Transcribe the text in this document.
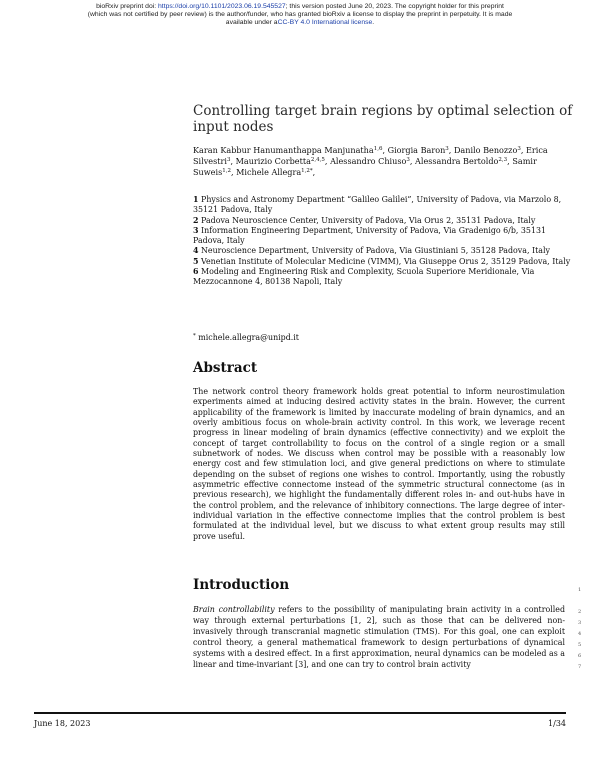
bioRxiv preprint doi: https://doi.org/10.1101/2023.06.19.545527; this version posted June 20, 2023. The copyright holder for this preprint
(which was not certified by peer review) is the author/funder, who has granted bioRxiv a license to display the preprint in perpetuity. It is made
available under aCC-BY 4.0 International license.
Controlling target brain regions by optimal selection of input nodes
Karan Kabbur Hanumanthappa Manjunatha$^{1,6}$, Giorgia Baron$^3$, Danilo Benozzo$^3$, Erica Silvestri$^3$, Maurizio Corbetta$^{2,4,5}$, Alessandro Chiuso$^3$, Alessandra Bertoldo$^{2,3}$, Samir Suweis$^{1,2}$, Michele Allegra$^{1,2*}$,
1 Physics and Astronomy Department “Galileo Galilei”, University of Padova, via Marzolo 8, 35121 Padova, Italy
2 Padova Neuroscience Center, University of Padova, Via Orus 2, 35131 Padova, Italy
3 Information Engineering Department, University of Padova, Via Gradenigo 6/b, 35131 Padova, Italy
4 Neuroscience Department, University of Padova, Via Giustiniani 5, 35128 Padova, Italy
5 Venetian Institute of Molecular Medicine (VIMM), Via Giuseppe Orus 2, 35129 Padova, Italy
6 Modeling and Engineering Risk and Complexity, Scuola Superiore Meridionale, Via Mezzocannone 4, 80138 Napoli, Italy
* michele.allegra@unipd.it
Abstract
The network control theory framework holds great potential to inform neurostimulation experiments aimed at inducing desired activity states in the brain. However, the current applicability of the framework is limited by inaccurate modeling of brain dynamics, and an overly ambitious focus on whole-brain activity control. In this work, we leverage recent progress in linear modeling of brain dynamics (effective connectivity) and we exploit the concept of target controllability to focus on the control of a single region or a small subnetwork of nodes. We discuss when control may be possible with a reasonably low energy cost and few stimulation loci, and give general predictions on where to stimulate depending on the subset of regions one wishes to control. Importantly, using the robustly asymmetric effective connectome instead of the symmetric structural connectome (as in previous research), we highlight the fundamentally different roles in- and out-hubs have in the control problem, and the relevance of inhibitory connections. The large degree of inter-individual variation in the effective connectome implies that the control problem is best formulated at the individual level, but we discuss to what extent group results may still prove useful.
Introduction
Brain controllability refers to the possibility of manipulating brain activity in a controlled way through external perturbations [1, 2], such as those that can be delivered non-invasively through transcranial magnetic stimulation (TMS). For this goal, one can exploit control theory, a general mathematical framework to design perturbations of dynamical systems with a desired effect. In a first approximation, neural dynamics can be modeled as a linear and time-invariant [3], and one can try to control brain activity
1
2
3
4
5
6
7
June 18, 2023	1/34
